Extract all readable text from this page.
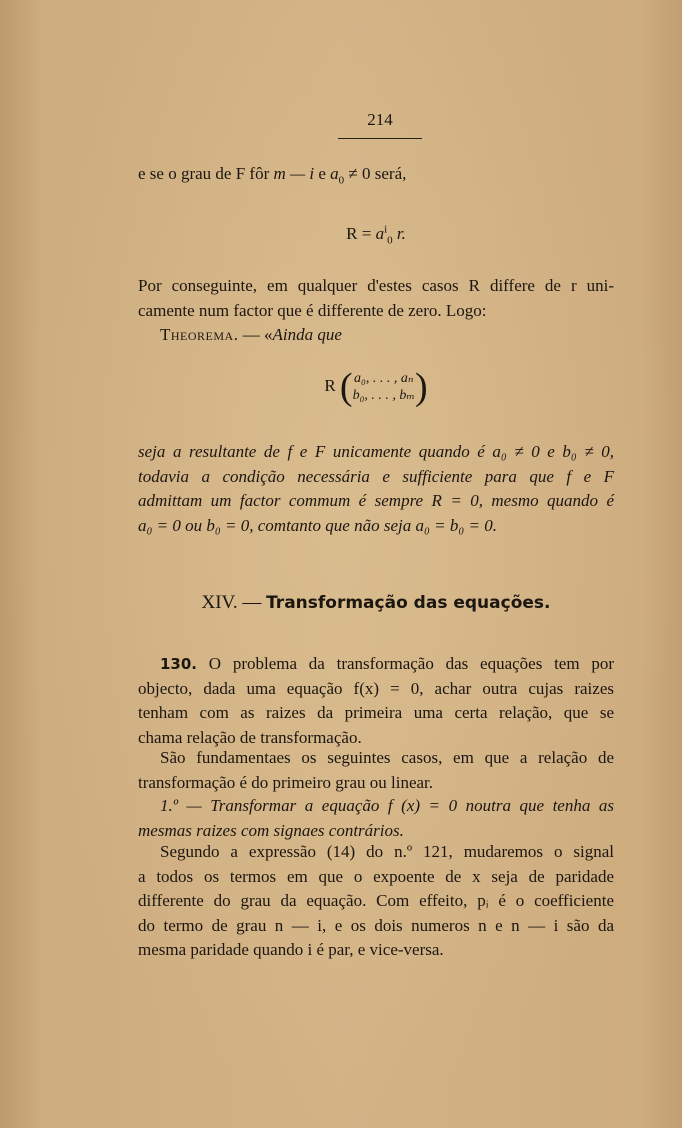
214
e se o grau de F fôr m — i e $a_0 \ne 0$ será,
$R = a^i_0$ r.
Por conseguinte, em qualquer d'estes casos R differe de r uni-
camente num factor que é differente de zero. Logo:
Theorema. — «Ainda que
R (a₀, . . . , aₙ
b₀, . . . , bₘ)
seja a resultante de f e F unicamente quando é a₀ ≠ 0 e b₀ ≠ 0,
todavia a condição necessária e sufficiente para que f e F
admittam um factor commum é sempre R = 0, mesmo quando é
a₀ = 0 ou b₀ = 0, comtanto que não seja a₀ = b₀ = 0.
XIV. — Transformação das equações.
130. O problema da transformação das equações tem por
objecto, dada uma equação f(x) = 0, achar outra cujas raizes
tenham com as raizes da primeira uma certa relação, que se
chama relação de transformação.
São fundamentaes os seguintes casos, em que a relação de
transformação é do primeiro grau ou linear.
1.º — Transformar a equação f (x) = 0 noutra que tenha as
mesmas raizes com signaes contrários.
Segundo a expressão (14) do n.º 121, mudaremos o signal
a todos os termos em que o expoente de x seja de paridade
differente do grau da equação. Com effeito, pᵢ é o coefficiente
do termo de grau n — i, e os dois numeros n e n — i são da
mesma paridade quando i é par, e vice-versa.
